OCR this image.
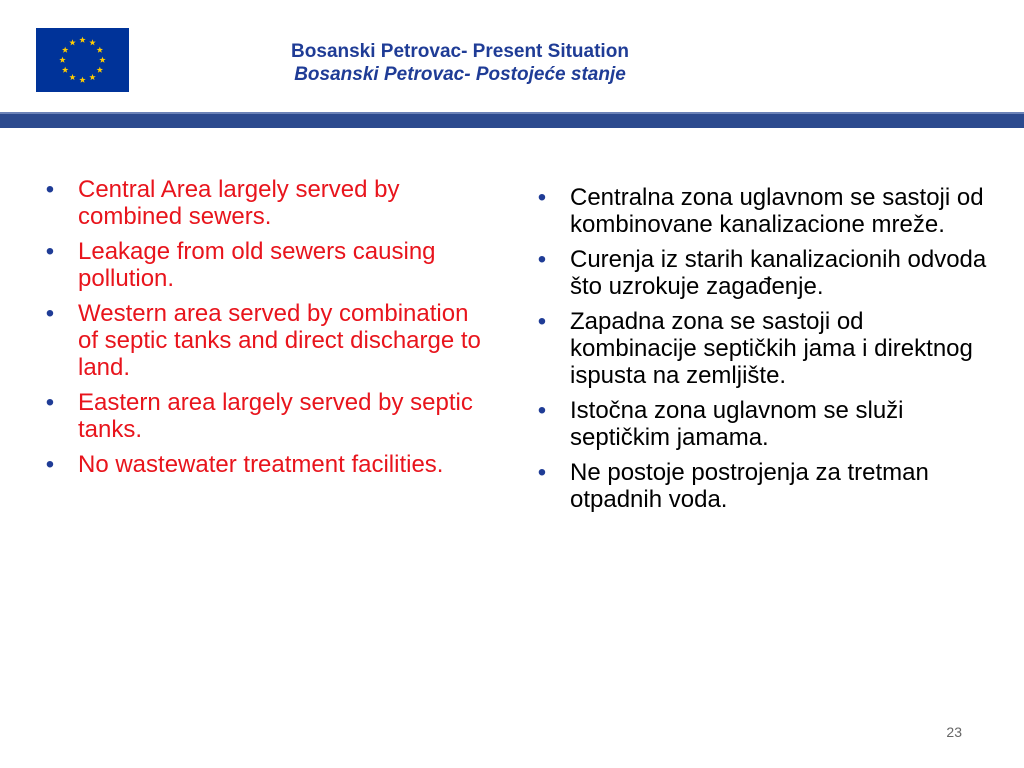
Bosanski Petrovac- Present Situation
Bosanski Petrovac- Postojeće stanje
• Central Area largely served by combined sewers.
• Leakage from old sewers causing pollution.
• Western area served by combination of septic tanks and direct discharge to land.
• Eastern area largely served by septic tanks.
• No wastewater treatment facilities.
• Centralna zona uglavnom se sastoji od kombinovane kanalizacione mreže.
• Curenja iz starih kanalizacionih odvoda što uzrokuje zagađenje.
• Zapadna zona se sastoji od kombinacije septičkih jama i direktnog ispusta na zemljište.
• Istočna zona uglavnom se služi septičkim jamama.
• Ne postoje postrojenja za tretman otpadnih voda.
23
